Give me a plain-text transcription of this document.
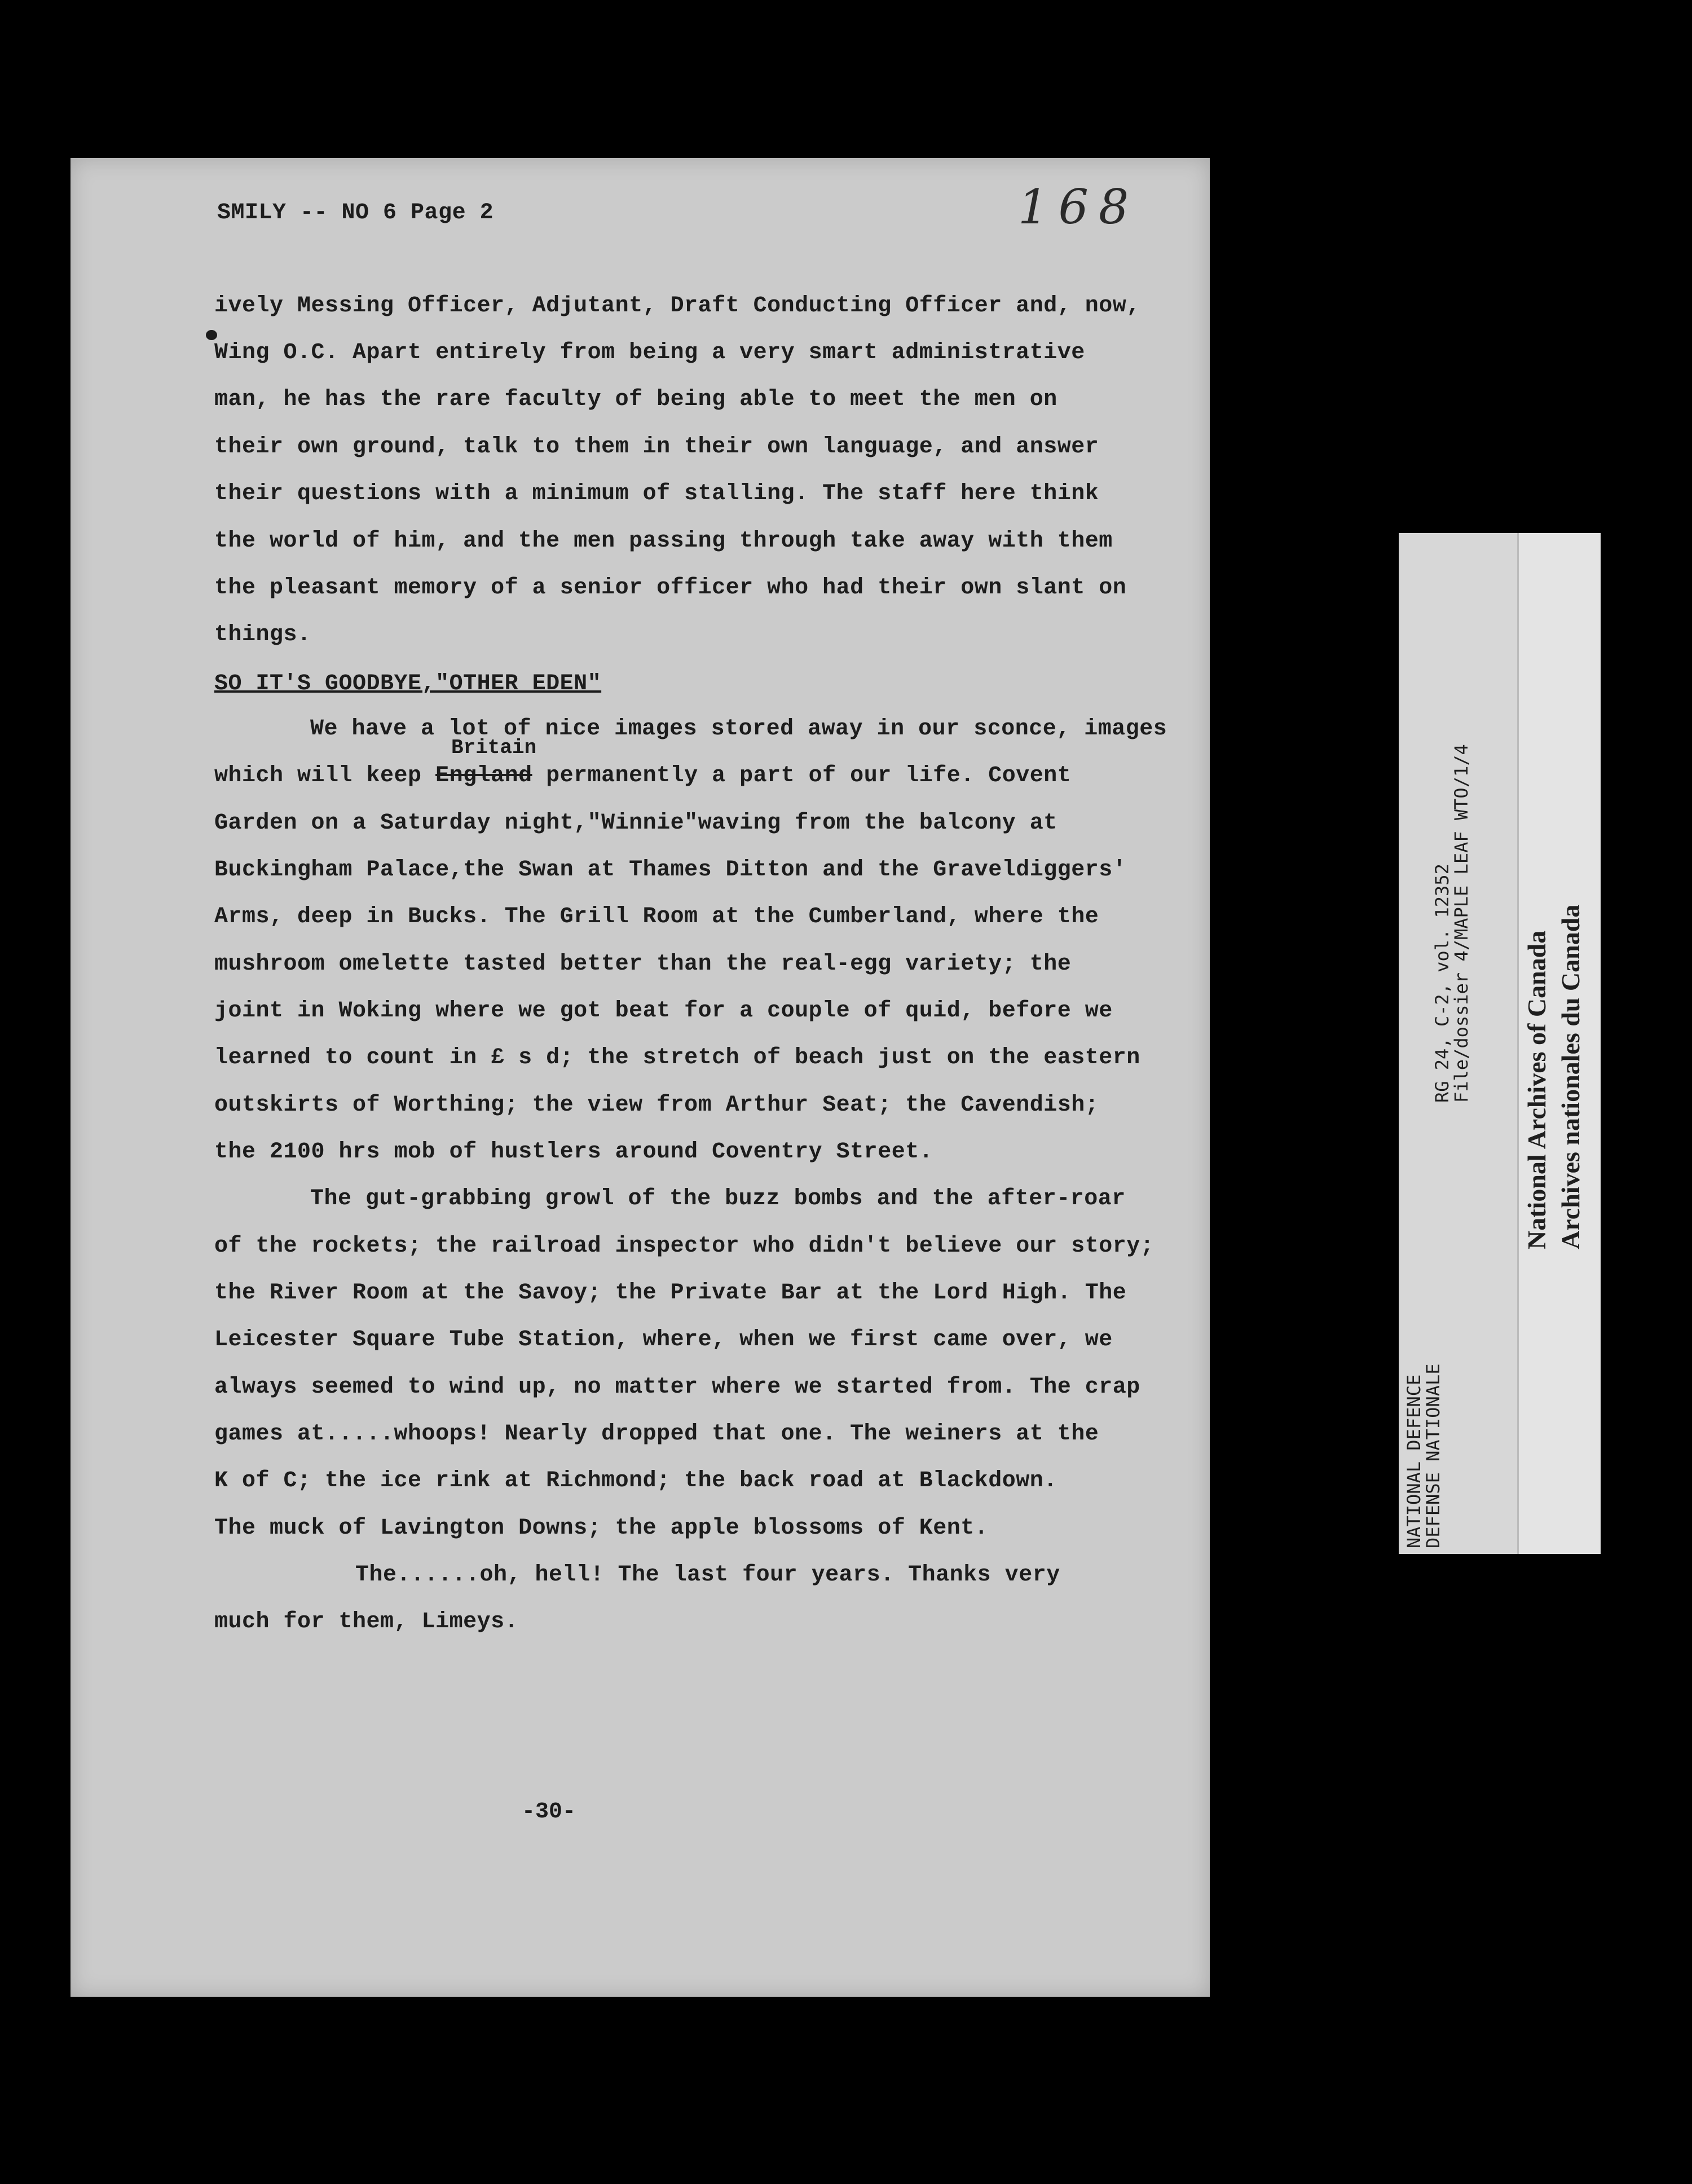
SMILY -- NO 6 Page 2	168
ively Messing Officer, Adjutant, Draft Conducting Officer and, now,
Wing O.C. Apart entirely from being a very smart administrative
man, he has the rare faculty of being able to meet the men on
their own ground, talk to them in their own language, and answer
their questions with a minimum of stalling. The staff here think
the world of him, and the men passing through take away with them
the pleasant memory of a senior officer who had their own slant on
things.
SO IT'S GOODBYE,"OTHER EDEN"
We have a lot of nice images stored away in our sconce, images
Britain
which will keep England permanently a part of our life. Covent
Garden on a Saturday night,"Winnie"waving from the balcony at
Buckingham Palace,the Swan at Thames Ditton and the Graveldiggers'
Arms, deep in Bucks. The Grill Room at the Cumberland, where the
mushroom omelette tasted better than the real-egg variety; the
joint in Woking where we got beat for a couple of quid, before we
learned to count in £ s d; the stretch of beach just on the eastern
outskirts of Worthing; the view from Arthur Seat; the Cavendish;
the 2100 hrs mob of hustlers around Coventry Street.
The gut-grabbing growl of the buzz bombs and the after-roar
of the rockets; the railroad inspector who didn't believe our story;
the River Room at the Savoy; the Private Bar at the Lord High. The
Leicester Square Tube Station, where, when we first came over, we
always seemed to wind up, no matter where we started from. The crap
games at.....whoops! Nearly dropped that one. The weiners at the
K of C; the ice rink at Richmond; the back road at Blackdown.
The muck of Lavington Downs; the apple blossoms of Kent.
The......oh, hell! The last four years. Thanks very
much for them, Limeys.
-30-
NATIONAL DEFENCE
DEFENSE NATIONALE
RG 24, C-2, vol. 12352
File/dossier 4/MAPLE LEAF WTO/1/4 National Archives of Canada Archives nationales du Canada
